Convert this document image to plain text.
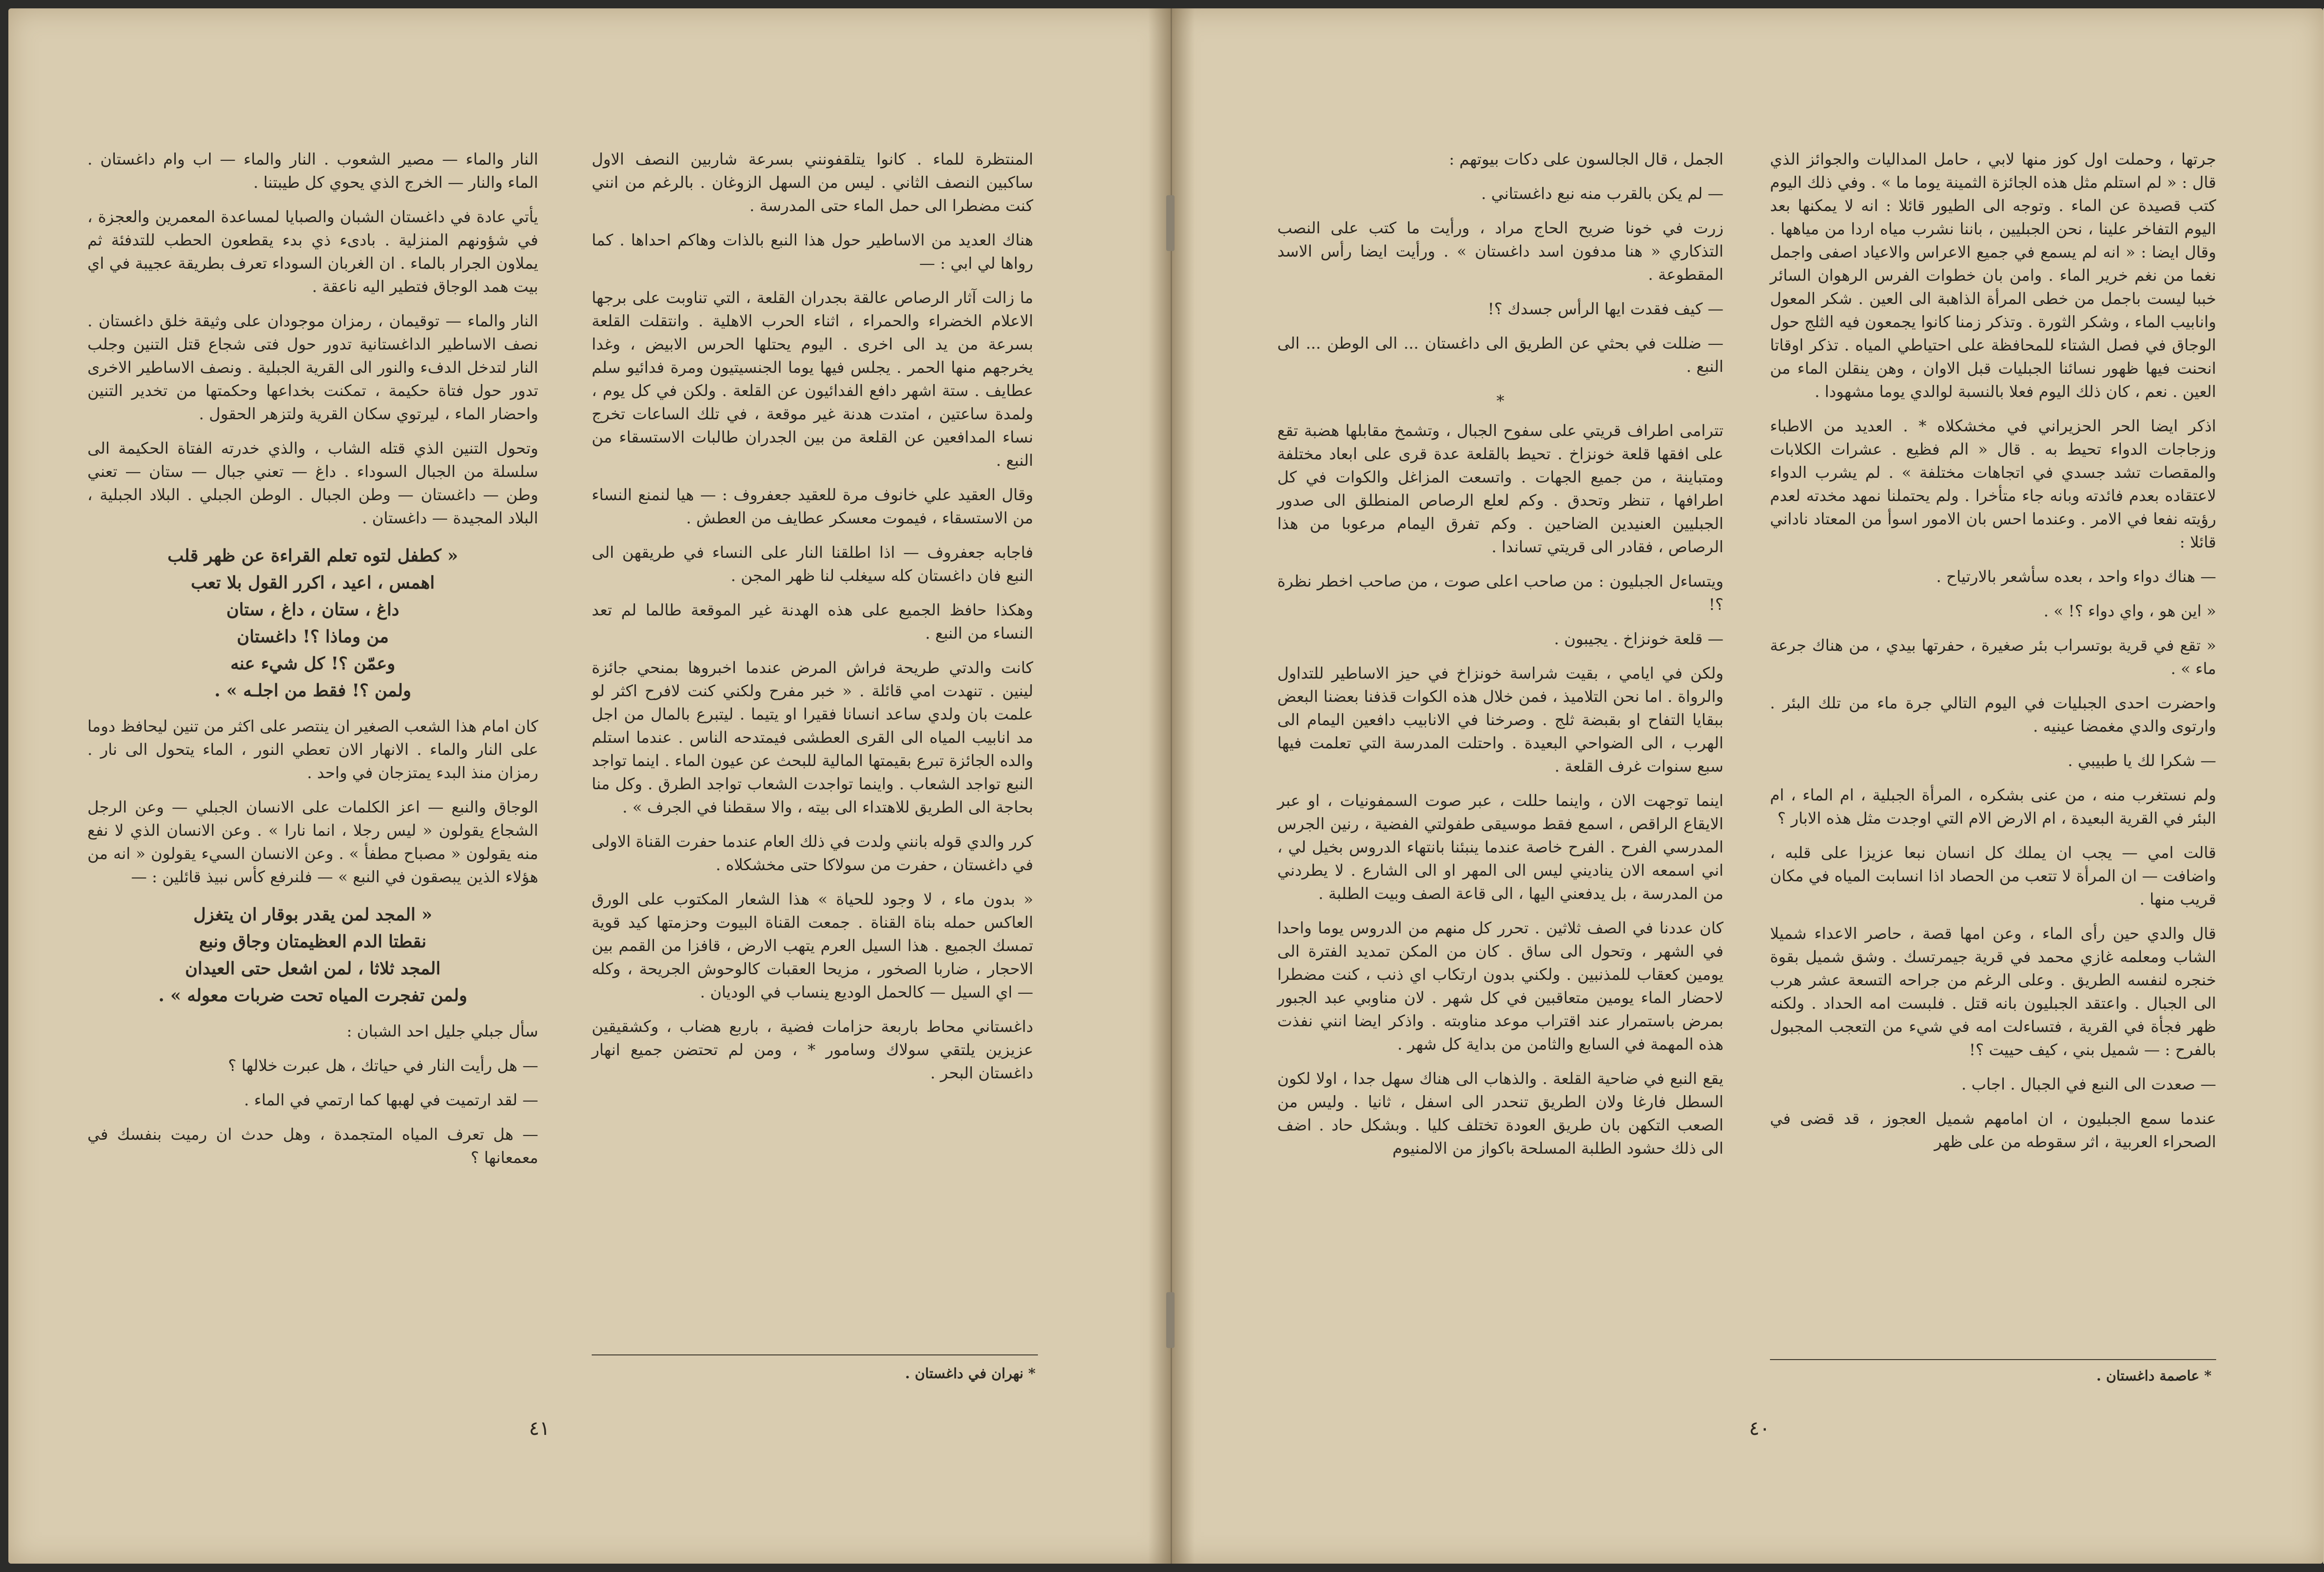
المنتظرة للماء . كانوا يتلقفونني بسرعة شاربين النصف الاول ساكبين النصف الثاني . ليس من السهل الزوغان . بالرغم من انني كنت مضطرا الى حمل الماء حتى المدرسة .

هناك العديد من الاساطير حول هذا النبع بالذات وهاكم احداها . كما رواها لي ابي : —

ما زالت آثار الرصاص عالقة بجدران القلعة ، التي تناوبت على برجها الاعلام الخضراء والحمراء ، اثناء الحرب الاهلية . وانتقلت القلعة بسرعة من يد الى اخرى . اليوم يحتلها الحرس الابيض ، وغدا يخرجهم منها الحمر . يجلس فيها يوما الجنسيتيون ومرة فدائيو سلم عطايف . ستة اشهر دافع الفدائيون عن القلعة . ولكن في كل يوم ، ولمدة ساعتين ، امتدت هدنة غير موقعة ، في تلك الساعات تخرج نساء المدافعين عن القلعة من بين الجدران طالبات الاستسقاء من النبع .

وقال العقيد علي خانوف مرة للعقيد جعفروف : — هيا لنمنع النساء من الاستسقاء ، فيموت معسكر عطايف من العطش .

فاجابه جعفروف — اذا اطلقنا النار على النساء في طريقهن الى النبع فان داغستان كله سيغلب لنا ظهر المجن .

وهكذا حافظ الجميع على هذه الهدنة غير الموقعة طالما لم تعد النساء من النبع .

كانت والدتي طريحة فراش المرض عندما اخبروها بمنحي جائزة لينين . تنهدت امي قائلة . « خبر مفرح ولكني كنت لافرح اكثر لو علمت بان ولدي ساعد انسانا فقيرا او يتيما . ليتبرع بالمال من اجل مد انابيب المياه الى القرى العطشى فيمتدحه الناس . عندما استلم والده الجائزة تبرع بقيمتها المالية للبحث عن عيون الماء . اينما تواجد النبع تواجد الشعاب . واينما تواجدت الشعاب تواجد الطرق . وكل منا بحاجة الى الطريق للاهتداء الى بيته ، والا سقطنا في الجرف » .

كرر والدي قوله بانني ولدت في ذلك العام عندما حفرت القناة الاولى في داغستان ، حفرت من سولاكا حتى مخشكلاه .

« بدون ماء ، لا وجود للحياة » هذا الشعار المكتوب على الورق العاكس حمله بناة القناة . جمعت القناة البيوت وحزمتها كيد قوية تمسك الجميع . هذا السيل العرم يتهب الارض ، قافزا من القمم بين الاحجار ، ضاربا الصخور ، مزيحا العقبات كالوحوش الجريحة ، وكله — اي السيل — كالحمل الوديع ينساب في الوديان .

داغستاني محاط باربعة حزامات فضية ، باربع هضاب ، وكشقيقين عزيزين يلتقي سولاك وسامور * ، ومن لم تحتضن جميع انهار داغستان البحر .

النار والماء — مصير الشعوب . النار والماء — اب وام داغستان . الماء والنار — الخرج الذي يحوي كل طيبتنا .

يأتي عادة في داغستان الشبان والصبايا لمساعدة المعمرين والعجزة ، في شؤونهم المنزلية . بادىء ذي بدء يقطعون الحطب للتدفئة ثم يملاون الجرار بالماء . ان الغربان السوداء تعرف بطريقة عجيبة في اي بيت همد الوجاق فتطير اليه ناعقة .

النار والماء — توقيمان ، رمزان موجودان على وثيقة خلق داغستان . نصف الاساطير الداغستانية تدور حول فتى شجاع قتل التنين وجلب النار لتدخل الدفء والنور الى القرية الجبلية . ونصف الاساطير الاخرى تدور حول فتاة حكيمة ، تمكنت بخداعها وحكمتها من تخدير التنين واحضار الماء ، ليرتوي سكان القرية ولتزهر الحقول .

وتحول التنين الذي قتله الشاب ، والذي خدرته الفتاة الحكيمة الى سلسلة من الجبال السوداء . داغ — تعني جبال — ستان — تعني وطن — داغستان — وطن الجبال . الوطن الجبلي . البلاد الجبلية ، البلاد المجيدة — داغستان .

« كطفل لتوه تعلم القراءة عن ظهر قلب
اهمس ، اعيد ، اكرر القول بلا تعب
داغ ، ستان ، داغ ، ستان
من وماذا ؟! داغستان
وعمّن ؟! كل شيء عنه
ولمن ؟! فقط من اجلـه » .

كان امام هذا الشعب الصغير ان ينتصر على اكثر من تنين ليحافظ دوما على النار والماء . الانهار الان تعطي النور ، الماء يتحول الى نار . رمزان منذ البدء يمتزجان في واحد .

الوجاق والنبع — اعز الكلمات على الانسان الجبلي — وعن الرجل الشجاع يقولون « ليس رجلا ، انما نارا » . وعن الانسان الذي لا نفع منه يقولون « مصباح مطفأ » . وعن الانسان السيء يقولون « انه من هؤلاء الذين يبصقون في النبع » — فلنرفع كأس نبيذ قائلين : —

« المجد لمن يقدر بوقار ان يتغزل
نقطتا الدم العظيمتان وجاق ونبع
المجد ثلاثا ، لمن اشعل حتى العيدان
ولمن تفجرت المياه تحت ضربات معوله » .

سأل جبلي جليل احد الشبان :

— هل رأيت النار في حياتك ، هل عبرت خلالها ؟

— لقد ارتميت في لهبها كما ارتمي في الماء .

— هل تعرف المياه المتجمدة ، وهل حدث ان رميت بنفسك في معمعانها ؟

* نهران في داغستان .
٤١

جرتها ، وحملت اول كوز منها لابي ، حامل المداليات والجوائز الذي قال : « لم استلم مثل هذه الجائزة الثمينة يوما ما » . وفي ذلك اليوم كتب قصيدة عن الماء . وتوجه الى الطيور قائلا : انه لا يمكنها بعد اليوم التفاخر علينا ، نحن الجبليين ، باننا نشرب مياه اردا من مياهها . وقال ايضا : « انه لم يسمع في جميع الاعراس والاعياد اصفى واجمل نغما من نغم خرير الماء . وامن بان خطوات الفرس الرهوان السائر خببا ليست باجمل من خطى المرأة الذاهبة الى العين . شكر المعول وانابيب الماء ، وشكر الثورة . وتذكر زمنا كانوا يجمعون فيه الثلج حول الوجاق في فصل الشتاء للمحافظة على احتياطي المياه . تذكر اوقاتا انحنت فيها ظهور نسائنا الجبليات قبل الاوان ، وهن ينقلن الماء من العين . نعم ، كان ذلك اليوم فعلا بالنسبة لوالدي يوما مشهودا .

اذكر ايضا الحر الحزيراني في مخشكلاه * . العديد من الاطباء وزجاجات الدواء تحيط به . قال « الم فظيع . عشرات الكلابات والمقصات تشد جسدي في اتجاهات مختلفة » . لم يشرب الدواء لاعتقاده بعدم فائدته وبانه جاء متأخرا . ولم يحتملنا نمهد مخدته لعدم رؤيته نفعا في الامر . وعندما احس بان الامور اسوأ من المعتاد ناداني قائلا :

— هناك دواء واحد ، بعده سأشعر بالارتياح .

« اين هو ، واي دواء ؟! » .

« تقع في قرية بوتسراب بئر صغيرة ، حفرتها بيدي ، من هناك جرعة ماء » .

واحضرت احدى الجبليات في اليوم التالي جرة ماء من تلك البئر . وارتوى والدي مغمضا عينيه .

— شكرا لك يا طبيبي .

ولم نستغرب منه ، من عنى بشكره ، المرأة الجبلية ، ام الماء ، ام البئر في القرية البعيدة ، ام الارض الام التي اوجدت مثل هذه الابار ؟

قالت امي — يجب ان يملك كل انسان نبعا عزيزا على قلبه ، واضافت — ان المرأة لا تتعب من الحصاد اذا انسابت المياه في مكان قريب منها .

قال والدي حين رأى الماء ، وعن امها قصة ، حاصر الاعداء شميلا الشاب ومعلمه غازي محمد في قرية جيمرتسك . وشق شميل بقوة خنجره لنفسه الطريق . وعلى الرغم من جراحه التسعة عشر هرب الى الجبال . واعتقد الجبليون بانه قتل . فلبست امه الحداد . ولكنه ظهر فجأة في القرية ، فتساءلت امه في شيء من التعجب المجبول بالفرح : — شميل بني ، كيف حييت ؟!

— صعدت الى النبع في الجبال . اجاب .

عندما سمع الجبليون ، ان امامهم شميل العجوز ، قد قضى في الصحراء العربية ، اثر سقوطه من على ظهر

الجمل ، قال الجالسون على دكات بيوتهم :

— لم يكن بالقرب منه نبع داغستاني .

زرت في خونا ضريح الحاج مراد ، ورأيت ما كتب على النصب التذكاري « هنا مدفون اسد داغستان » . ورأيت ايضا رأس الاسد المقطوعة .

— كيف فقدت ايها الرأس جسدك ؟!

— ضللت في بحثي عن الطريق الى داغستان ... الى الوطن ... الى النبع .

*

تترامى اطراف قريتي على سفوح الجبال ، وتشمخ مقابلها هضبة تقع على افقها قلعة خونزاخ . تحيط بالقلعة عدة قرى على ابعاد مختلفة ومتباينة ، من جميع الجهات . واتسعت المزاغل والكوات في كل اطرافها ، تنظر وتحدق . وكم لعلع الرصاص المنطلق الى صدور الجبليين العنيدين الضاحين . وكم تفرق اليمام مرعوبا من هذا الرصاص ، فقادر الى قريتي تساندا .

ويتساءل الجبليون : من صاحب اعلى صوت ، من صاحب اخطر نظرة ؟!

— قلعة خونزاخ . يجيبون .

ولكن في ايامي ، بقيت شراسة خونزاخ في حيز الاساطير للتداول والرواة . اما نحن التلاميذ ، فمن خلال هذه الكوات قذفنا بعضنا البعض ببقايا التفاح او بقبضة ثلج . وصرخنا في الانابيب دافعين اليمام الى الهرب ، الى الضواحي البعيدة . واحتلت المدرسة التي تعلمت فيها سبع سنوات غرف القلعة .

اينما توجهت الان ، واينما حللت ، عبر صوت السمفونيات ، او عبر الايقاع الراقص ، اسمع فقط موسيقى طفولتي الفضية ، رنين الجرس المدرسي الفرح . الفرح خاصة عندما ينبئنا بانتهاء الدروس بخيل لي ، اني اسمعه الان يناديني ليس الى المهر او الى الشارع . لا يطردني من المدرسة ، بل يدفعني اليها ، الى قاعة الصف وبيت الطلبة .

كان عددنا في الصف ثلاثين . تحرر كل منهم من الدروس يوما واحدا في الشهر ، وتحول الى ساق . كان من المكن تمديد الفترة الى يومين كعقاب للمذنبين . ولكني بدون ارتكاب اي ذنب ، كنت مضطرا لاحضار الماء يومين متعاقبين في كل شهر . لان مناوبي عبد الجبور بمرض باستمرار عند اقتراب موعد مناوبته . واذكر ايضا انني نفذت هذه المهمة في السابع والثامن من بداية كل شهر .

يقع النبع في ضاحية القلعة . والذهاب الى هناك سهل جدا ، اولا لكون السطل فارغا ولان الطريق تنحدر الى اسفل ، ثانيا . وليس من الصعب التكهن بان طريق العودة تختلف كليا . وبشكل حاد . اضف الى ذلك حشود الطلبة المسلحة باكواز من الالمنيوم

* عاصمة داغستان .
٤٠
